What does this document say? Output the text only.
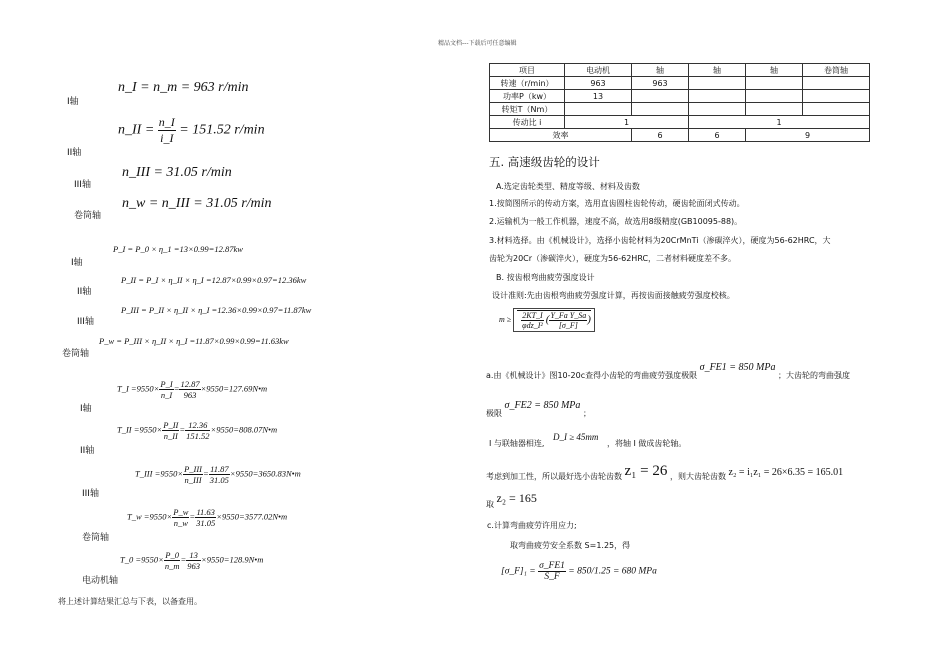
精品文档---下载后可任意编辑
I轴
n_I = n_m = 963 r/min
II轴
n_II = $\frac{n\_I}{i\_I} = 151.52$ r/min
III轴
n_III = 31.05 r/min
卷筒轴
n_w = n_III = 31.05 r/min
I轴
P_I = P_0 × η_1 =13×0.99=12.87kw
II轴
P_II = P_I × η_II × η_I =12.87×0.99×0.97=12.36kw
III轴
P_III = P_II × η_II × η_I =12.36×0.99×0.97=11.87kw
卷筒轴
P_w = P_III × η_II × η_I =11.87×0.99×0.99=11.63kw
I轴
T_I $=9550\times \frac{P\_I}{n\_I} = \frac{12.87}{963}$ ×9550=127.69N•m
II轴
T_II $=9550\times \frac{P\_II}{n\_II} = \frac{12.36}{151.52}$ ×9550=808.07N•m
III轴
T_III $=9550\times \frac{\text{P\_III}}{\text{n\_III}} = \frac{11.87}{31.05}$ ×9550=3650.83N•m
卷筒轴
T_w $=9550\times \frac{P\_w}{n\_w} = \frac{11.63}{31.05}$ ×9550=3577.02N•m
电动机轴
T_0 $=9550\times \frac{P\_0}{n\_m} = \frac{13}{963}$ ×9550=128.9N•m
将上述计算结果汇总与下表，以备查用。
项目	电动机	轴	轴	轴	卷筒轴
转速（r/min）	963	963			
功率P（kw）	13				
转矩T（Nm）					
传动比 i	1		1		
效率		6	6	9	
五. 高速级齿轮的设计
A.选定齿轮类型、精度等级、材料及齿数
1.按简图所示的传动方案，选用直齿圆柱齿轮传动，硬齿轮面闭式传动。
2.运输机为一般工作机器，速度不高，故选用8级精度(GB10095-88)。
3.材料选择。由《机械设计》，选择小齿轮材料为20CrMnTi（渗碳淬火），硬度为56-62HRC，大
齿轮为20Cr（渗碳淬火），硬度为56-62HRC，二者材料硬度差不多。
B. 按齿根弯曲疲劳强度设计
设计准则:先由齿根弯曲疲劳强度计算，再按齿面接触疲劳强度校核。
$m \ge \frac{2KT\_I}{\text{φdz\_I²}}$ ( $\frac{\text{Y\_Fa Y\_Sa}}{[\sigma\_F]}$ )
a.由《机械设计》图10-20c查得小齿轮的弯曲疲劳强度极限 σ_FE1 = 850 MPa ；大齿轮的弯曲强度
极限 σ_FE2 = 850 MPa ；
I 与联轴器相连, D_I ≥ 45mm ，将轴 I 做成齿轮轴。
考虑到加工性，所以最好选小齿轮齿数 z₁ = 26 ，则大齿轮齿数 z₂ = i₁z₁ = 26×6.35 = 165.01
取 z₂ = 165
c.计算弯曲疲劳许用应力;
取弯曲疲劳安全系数 S=1.25，得
[σ_F]₁ = $\frac{\sigma\_FE1}{S\_F} = 850/1.25 = 680$ MPa
